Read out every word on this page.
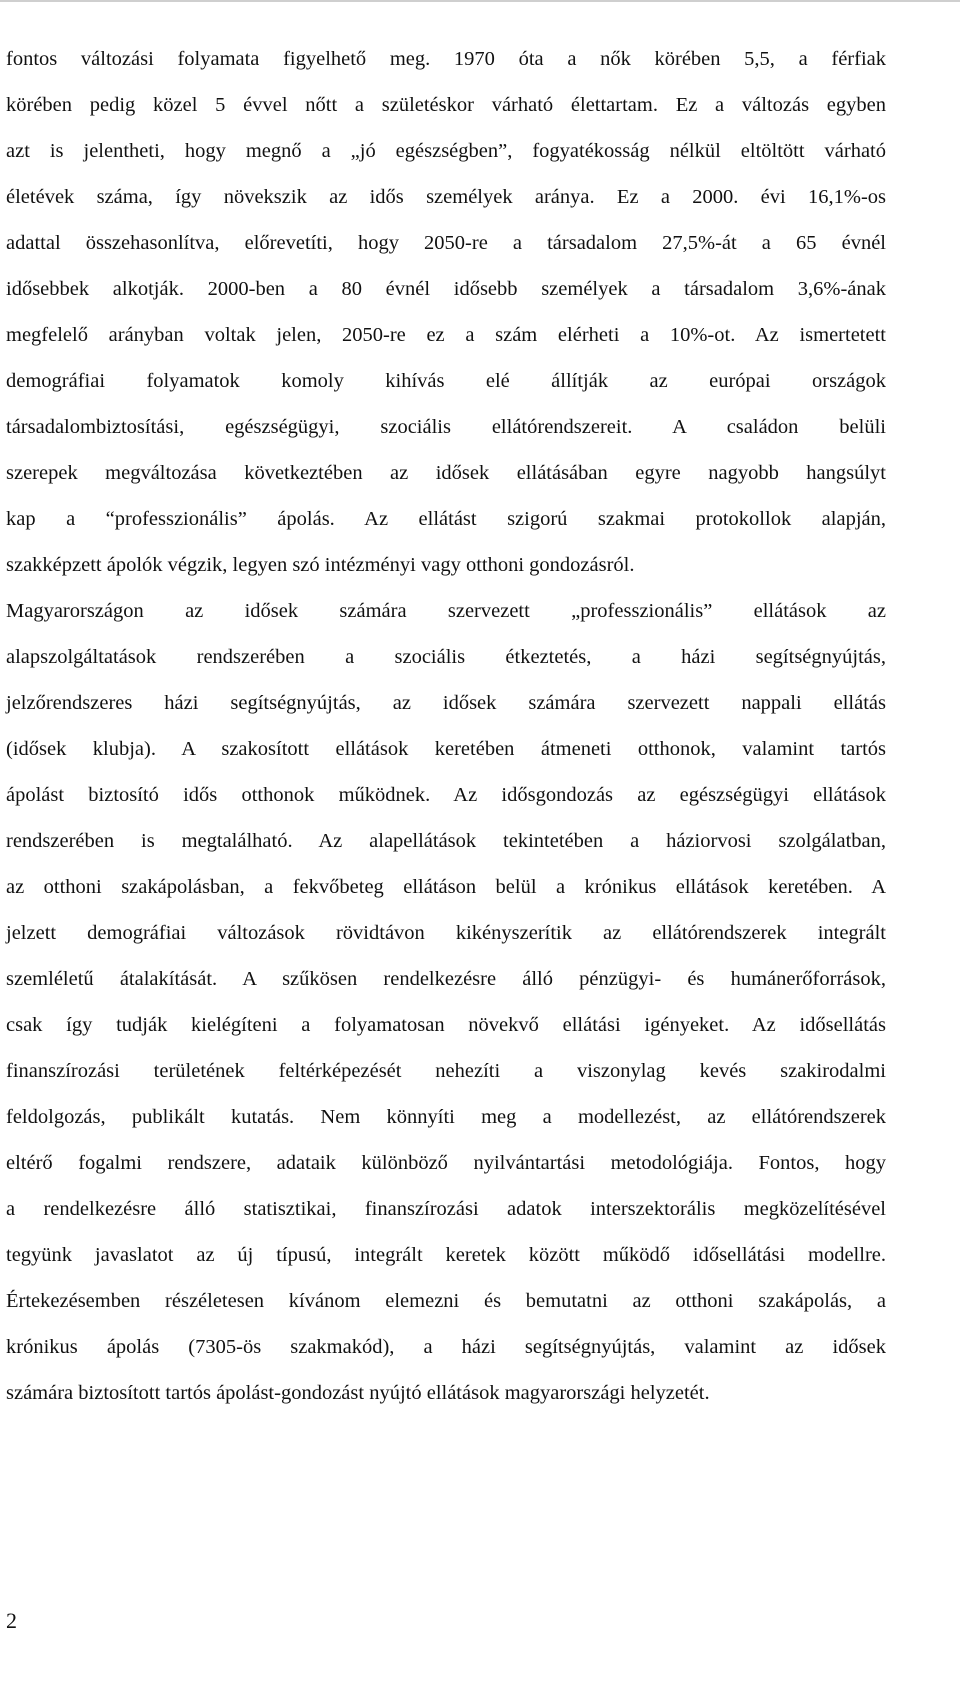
fontos változási folyamata figyelhető meg. 1970 óta a nők körében 5,5, a férfiak
körében pedig közel 5 évvel nőtt a születéskor várható élettartam. Ez a változás egyben
azt is jelentheti, hogy megnő a „jó egészségben”, fogyatékosság nélkül eltöltött várható
életévek száma, így növekszik az idős személyek aránya. Ez a 2000. évi 16,1%-os
adattal összehasonlítva, előrevetíti, hogy 2050-re a társadalom 27,5%-át a 65 évnél
idősebbek alkotják. 2000-ben a 80 évnél idősebb személyek a társadalom 3,6%-ának
megfelelő arányban voltak jelen, 2050-re ez a szám elérheti a 10%-ot. Az ismertetett
demográfiai folyamatok komoly kihívás elé állítják az európai országok
társadalombiztosítási, egészségügyi, szociális ellátórendszereit. A családon belüli
szerepek megváltozása következtében az idősek ellátásában egyre nagyobb hangsúlyt
kap a “professzionális” ápolás. Az ellátást szigorú szakmai protokollok alapján,
szakképzett ápolók végzik, legyen szó intézményi vagy otthoni gondozásról.
Magyarországon az idősek számára szervezett „professzionális” ellátások az
alapszolgáltatások rendszerében a szociális étkeztetés, a házi segítségnyújtás,
jelzőrendszeres házi segítségnyújtás, az idősek számára szervezett nappali ellátás
(idősek klubja). A szakosított ellátások keretében átmeneti otthonok, valamint tartós
ápolást biztosító idős otthonok működnek. Az idősgondozás az egészségügyi ellátások
rendszerében is megtalálható. Az alapellátások tekintetében a háziorvosi szolgálatban,
az otthoni szakápolásban, a fekvőbeteg ellátáson belül a krónikus ellátások keretében. A
jelzett demográfiai változások rövidtávon kikényszerítik az ellátórendszerek integrált
szemléletű átalakítását. A szűkösen rendelkezésre álló pénzügyi- és humánerőforrások,
csak így tudják kielégíteni a folyamatosan növekvő ellátási igényeket. Az idősellátás
finanszírozási területének feltérképezését nehezíti a viszonylag kevés szakirodalmi
feldolgozás, publikált kutatás. Nem könnyíti meg a modellezést, az ellátórendszerek
eltérő fogalmi rendszere, adataik különböző nyilvántartási metodológiája. Fontos, hogy
a rendelkezésre álló statisztikai, finanszírozási adatok interszektorális megközelítésével
tegyünk javaslatot az új típusú, integrált keretek között működő idősellátási modellre.
Értekezésemben részéletesen kívánom elemezni és bemutatni az otthoni szakápolás, a
krónikus ápolás (7305-ös szakmakód), a házi segítségnyújtás, valamint az idősek
számára biztosított tartós ápolást-gondozást nyújtó ellátások magyarországi helyzetét.
2
